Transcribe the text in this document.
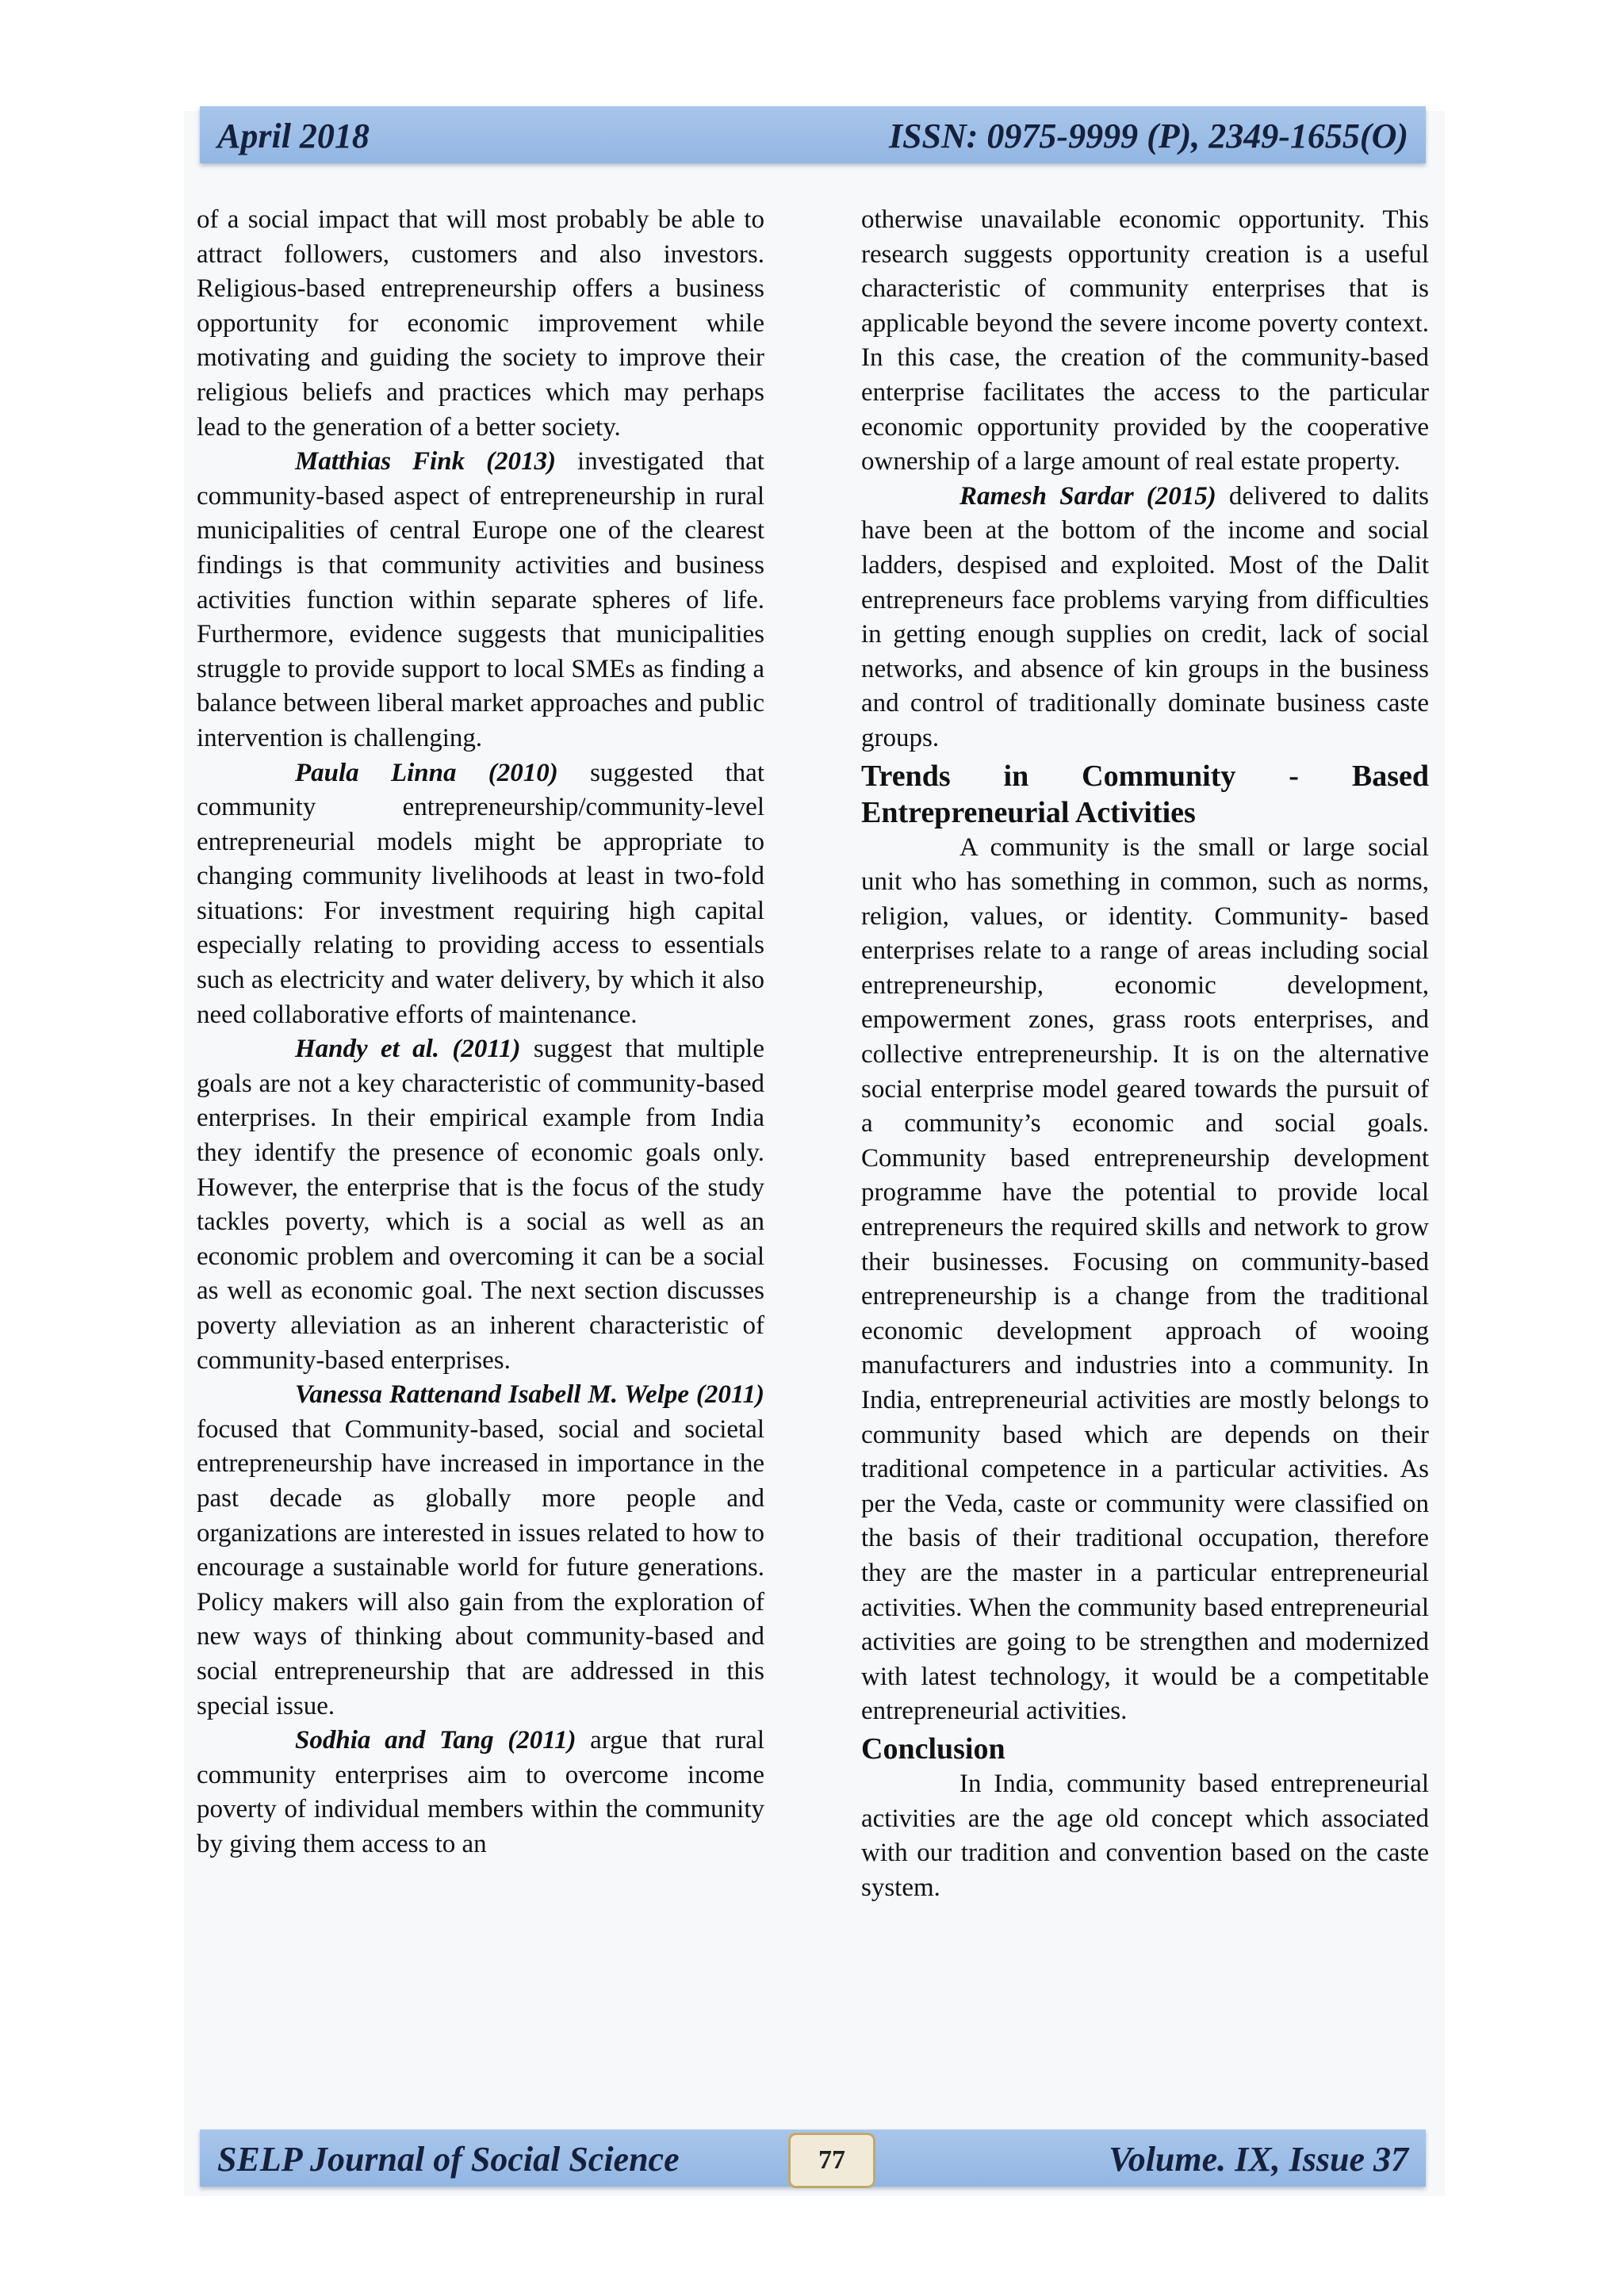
April 2018	ISSN: 0975-9999 (P), 2349-1655(O)

of a social impact that will most probably be able to attract followers, customers and also investors. Religious-based entrepreneurship offers a business opportunity for economic improvement while motivating and guiding the society to improve their religious beliefs and practices which may perhaps lead to the generation of a better society.

Matthias Fink (2013) investigated that community-based aspect of entrepreneurship in rural municipalities of central Europe one of the clearest findings is that community activities and business activities function within separate spheres of life. Furthermore, evidence suggests that municipalities struggle to provide support to local SMEs as finding a balance between liberal market approaches and public intervention is challenging.

Paula Linna (2010) suggested that community entrepreneurship/community-level entrepreneurial models might be appropriate to changing community livelihoods at least in two-fold situations: For investment requiring high capital especially relating to providing access to essentials such as electricity and water delivery, by which it also need collaborative efforts of maintenance.

Handy et al. (2011) suggest that multiple goals are not a key characteristic of community-based enterprises. In their empirical example from India they identify the presence of economic goals only. However, the enterprise that is the focus of the study tackles poverty, which is a social as well as an economic problem and overcoming it can be a social as well as economic goal. The next section discusses poverty alleviation as an inherent characteristic of community-based enterprises.

Vanessa Rattenand Isabell M. Welpe (2011) focused that Community-based, social and societal entrepreneurship have increased in importance in the past decade as globally more people and organizations are interested in issues related to how to encourage a sustainable world for future generations. Policy makers will also gain from the exploration of new ways of thinking about community-based and social entrepreneurship that are addressed in this special issue.

Sodhia and Tang (2011) argue that rural community enterprises aim to overcome income poverty of individual members within the community by giving them access to an

otherwise unavailable economic opportunity. This research suggests opportunity creation is a useful characteristic of community enterprises that is applicable beyond the severe income poverty context. In this case, the creation of the community-based enterprise facilitates the access to the particular economic opportunity provided by the cooperative ownership of a large amount of real estate property.

Ramesh Sardar (2015) delivered to dalits have been at the bottom of the income and social ladders, despised and exploited. Most of the Dalit entrepreneurs face problems varying from difficulties in getting enough supplies on credit, lack of social networks, and absence of kin groups in the business and control of traditionally dominate business caste groups.

Trends in Community - Based Entrepreneurial Activities

A community is the small or large social unit who has something in common, such as norms, religion, values, or identity. Community- based enterprises relate to a range of areas including social entrepreneurship, economic development, empowerment zones, grass roots enterprises, and collective entrepreneurship. It is on the alternative social enterprise model geared towards the pursuit of a community’s economic and social goals. Community based entrepreneurship development programme have the potential to provide local entrepreneurs the required skills and network to grow their businesses. Focusing on community-based entrepreneurship is a change from the traditional economic development approach of wooing manufacturers and industries into a community. In India, entrepreneurial activities are mostly belongs to community based which are depends on their traditional competence in a particular activities. As per the Veda, caste or community were classified on the basis of their traditional occupation, therefore they are the master in a particular entrepreneurial activities. When the community based entrepreneurial activities are going to be strengthen and modernized with latest technology, it would be a competitable entrepreneurial activities.

Conclusion

In India, community based entrepreneurial activities are the age old concept which associated with our tradition and convention based on the caste system.

SELP Journal of Social Science	Volume. IX, Issue 37
77
